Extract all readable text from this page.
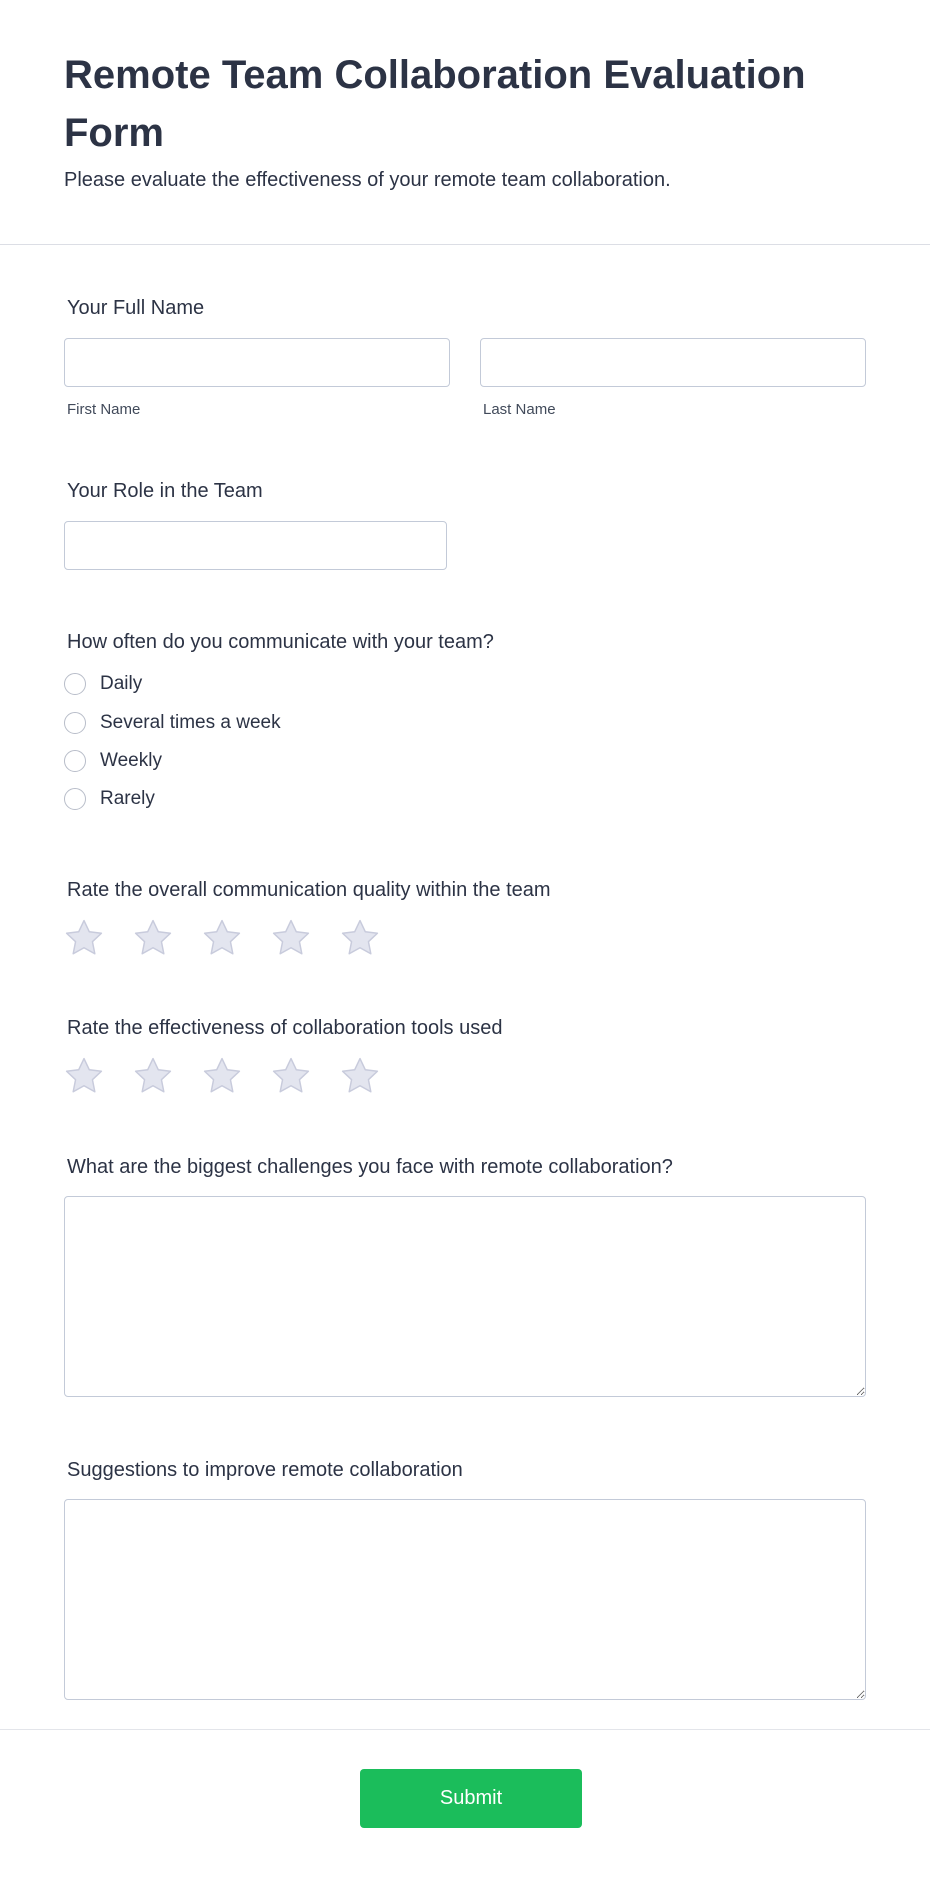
Remote Team Collaboration Evaluation Form
Please evaluate the effectiveness of your remote team collaboration.
Your Full Name
First Name	Last Name
Your Role in the Team
How often do you communicate with your team?
Daily
Several times a week
Weekly
Rarely
Rate the overall communication quality within the team
Rate the effectiveness of collaboration tools used
What are the biggest challenges you face with remote collaboration?
Suggestions to improve remote collaboration
Submit
